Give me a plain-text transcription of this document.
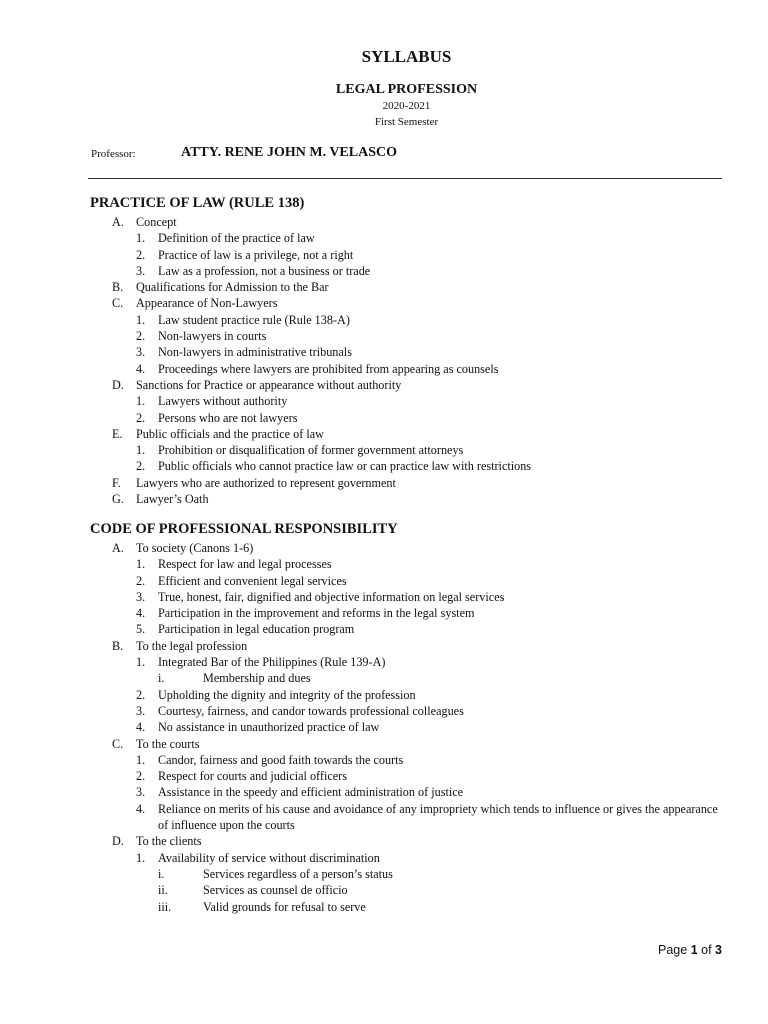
SYLLABUS
LEGAL PROFESSION
2020-2021
First Semester
Professor:	ATTY. RENE JOHN M. VELASCO
PRACTICE OF LAW (RULE 138)
A. Concept
1. Definition of the practice of law
2. Practice of law is a privilege, not a right
3. Law as a profession, not a business or trade
B. Qualifications for Admission to the Bar
C. Appearance of Non-Lawyers
1. Law student practice rule (Rule 138-A)
2. Non-lawyers in courts
3. Non-lawyers in administrative tribunals
4. Proceedings where lawyers are prohibited from appearing as counsels
D. Sanctions for Practice or appearance without authority
1. Lawyers without authority
2. Persons who are not lawyers
E. Public officials and the practice of law
1. Prohibition or disqualification of former government attorneys
2. Public officials who cannot practice law or can practice law with restrictions
F. Lawyers who are authorized to represent government
G. Lawyer’s Oath
CODE OF PROFESSIONAL RESPONSIBILITY
A. To society (Canons 1-6)
1. Respect for law and legal processes
2. Efficient and convenient legal services
3. True, honest, fair, dignified and objective information on legal services
4. Participation in the improvement and reforms in the legal system
5. Participation in legal education program
B. To the legal profession
1. Integrated Bar of the Philippines (Rule 139-A)
i.	Membership and dues
2. Upholding the dignity and integrity of the profession
3. Courtesy, fairness, and candor towards professional colleagues
4. No assistance in unauthorized practice of law
C. To the courts
1. Candor, fairness and good faith towards the courts
2. Respect for courts and judicial officers
3. Assistance in the speedy and efficient administration of justice
4. Reliance on merits of his cause and avoidance of any impropriety which tends to influence or gives the appearance of influence upon the courts
D. To the clients
1. Availability of service without discrimination
i.	Services regardless of a person’s status
ii.	Services as counsel de officio
iii.	Valid grounds for refusal to serve
Page 1 of 3
